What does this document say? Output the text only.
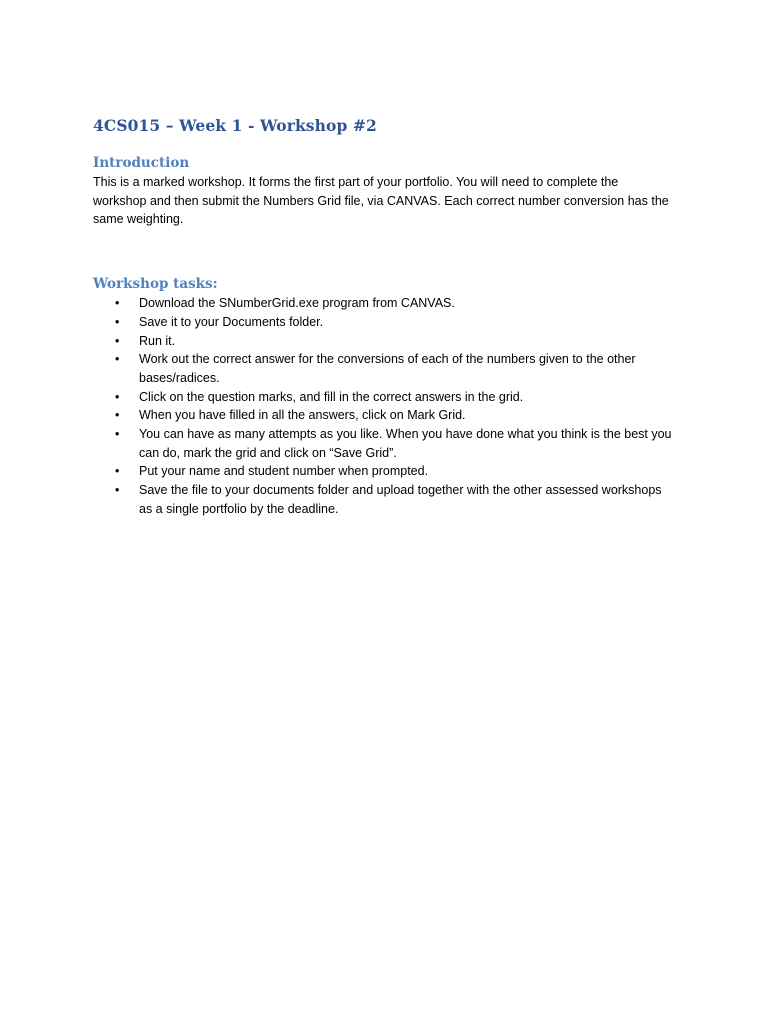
4CS015 – Week 1 - Workshop #2
Introduction

This is a marked workshop. It forms the first part of your portfolio. You will need to complete the workshop and then submit the Numbers Grid file, via CANVAS. Each correct number conversion has the same weighting.

Workshop tasks:
• Download the SNumberGrid.exe program from CANVAS.
• Save it to your Documents folder.
• Run it.
• Work out the correct answer for the conversions of each of the numbers given to the other bases/radices.
• Click on the question marks, and fill in the correct answers in the grid.
• When you have filled in all the answers, click on Mark Grid.
• You can have as many attempts as you like. When you have done what you think is the best you can do, mark the grid and click on “Save Grid”.
• Put your name and student number when prompted.
• Save the file to your documents folder and upload together with the other assessed workshops as a single portfolio by the deadline.
